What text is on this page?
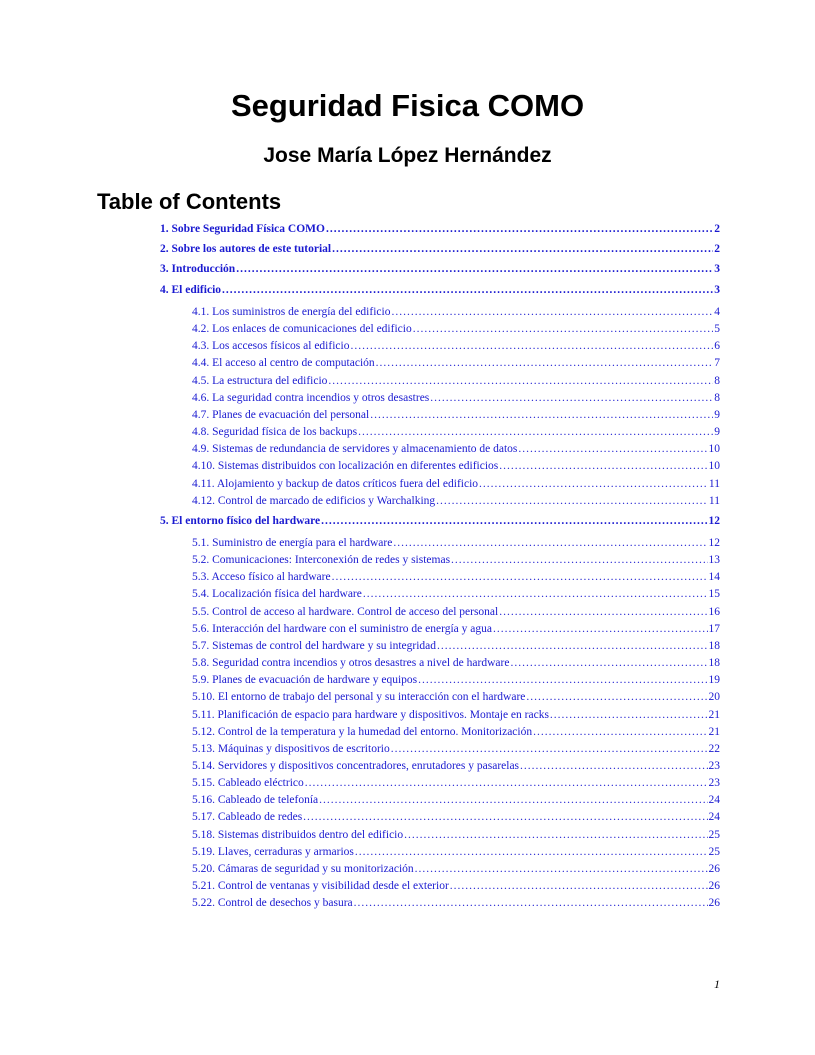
Seguridad Fisica COMO
Jose María López Hernández
Table of Contents
1. Sobre Seguridad Física COMO .....	2
2. Sobre los autores de este tutorial .....	2
3. Introducción .....	3
4. El edificio .....	3
4.1. Los suministros de energía del edificio .....	4
4.2. Los enlaces de comunicaciones del edificio .....	5
4.3. Los accesos físicos al edificio .....	6
4.4. El acceso al centro de computación .....	7
4.5. La estructura del edificio .....	8
4.6. La seguridad contra incendios y otros desastres .....	8
4.7. Planes de evacuación del personal .....	9
4.8. Seguridad física de los backups .....	9
4.9. Sistemas de redundancia de servidores y almacenamiento de datos .....	10
4.10. Sistemas distribuidos con localización en diferentes edificios .....	10
4.11. Alojamiento y backup de datos críticos fuera del edificio .....	11
4.12. Control de marcado de edificios y Warchalking .....	11
5. El entorno físico del hardware .....	12
5.1. Suministro de energía para el hardware .....	12
5.2. Comunicaciones: Interconexión de redes y sistemas .....	13
5.3. Acceso físico al hardware .....	14
5.4. Localización física del hardware .....	15
5.5. Control de acceso al hardware. Control de acceso del personal .....	16
5.6. Interacción del hardware con el suministro de energía y agua .....	17
5.7. Sistemas de control del hardware y su integridad .....	18
5.8. Seguridad contra incendios y otros desastres a nivel de hardware .....	18
5.9. Planes de evacuación de hardware y equipos .....	19
5.10. El entorno de trabajo del personal y su interacción con el hardware .....	20
5.11. Planificación de espacio para hardware y dispositivos. Montaje en racks .....	21
5.12. Control de la temperatura y la humedad del entorno. Monitorización .....	21
5.13. Máquinas y dispositivos de escritorio .....	22
5.14. Servidores y dispositivos concentradores, enrutadores y pasarelas .....	23
5.15. Cableado eléctrico .....	23
5.16. Cableado de telefonía .....	24
5.17. Cableado de redes .....	24
5.18. Sistemas distribuidos dentro del edificio .....	25
5.19. Llaves, cerraduras y armarios .....	25
5.20. Cámaras de seguridad y su monitorización .....	26
5.21. Control de ventanas y visibilidad desde el exterior .....	26
5.22. Control de desechos y basura .....	26
1
